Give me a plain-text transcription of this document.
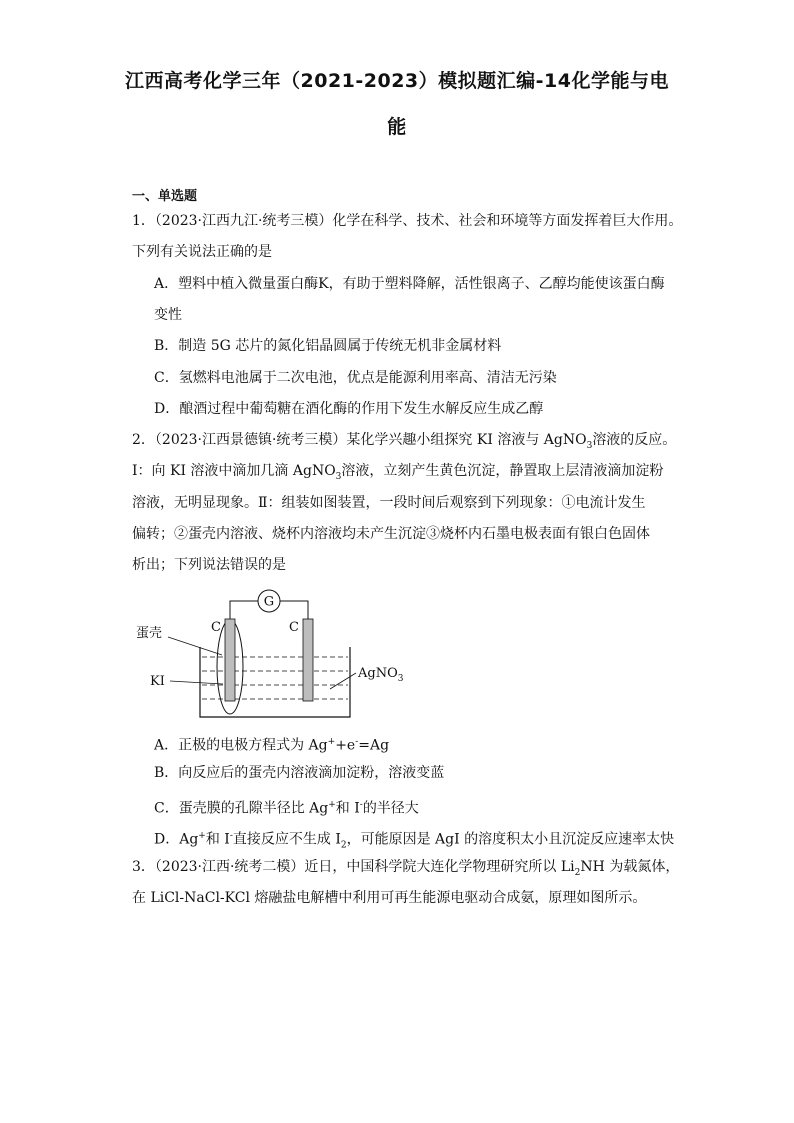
江西高考化学三年（2021-2023）模拟题汇编-14化学能与电
能
一、单选题
1．（2023·江西九江·统考三模）化学在科学、技术、社会和环境等方面发挥着巨大作用。
下列有关说法正确的是
A．塑料中植入微量蛋白酶K，有助于塑料降解，活性银离子、乙醇均能使该蛋白酶
变性
B．制造 5G 芯片的氮化铝晶圆属于传统无机非金属材料
C．氢燃料电池属于二次电池，优点是能源利用率高、清洁无污染
D．酿酒过程中葡萄糖在酒化酶的作用下发生水解反应生成乙醇
2．（2023·江西景德镇·统考三模）某化学兴趣小组探究 KI 溶液与 AgNO$_3$溶液的反应。
Ⅰ：向 KI 溶液中滴加几滴 AgNO$_3$溶液，立刻产生黄色沉淀，静置取上层清液滴加淀粉
溶液，无明显现象。Ⅱ：组装如图装置，一段时间后观察到下列现象：①电流计发生
偏转；②蛋壳内溶液、烧杯内溶液均未产生沉淀③烧杯内石墨电极表面有银白色固体
析出；下列说法错误的是
G
C	C
蛋壳
KI
AgNO$_3$
A．正极的电极方程式为 Ag++e-=Ag
B．向反应后的蛋壳内溶液滴加淀粉，溶液变蓝
C．蛋壳膜的孔隙半径比 Ag+和 I-的半径大
D．Ag+和 I-直接反应不生成 $I_2$，可能原因是 AgI 的溶度积太小且沉淀反应速率太快
3．（2023·江西·统考二模）近日，中国科学院大连化学物理研究所以 $Li_2NH$ 为载氮体，
在 LiCl-NaCl-KCl 熔融盐电解槽中利用可再生能源电驱动合成氨，原理如图所示。
